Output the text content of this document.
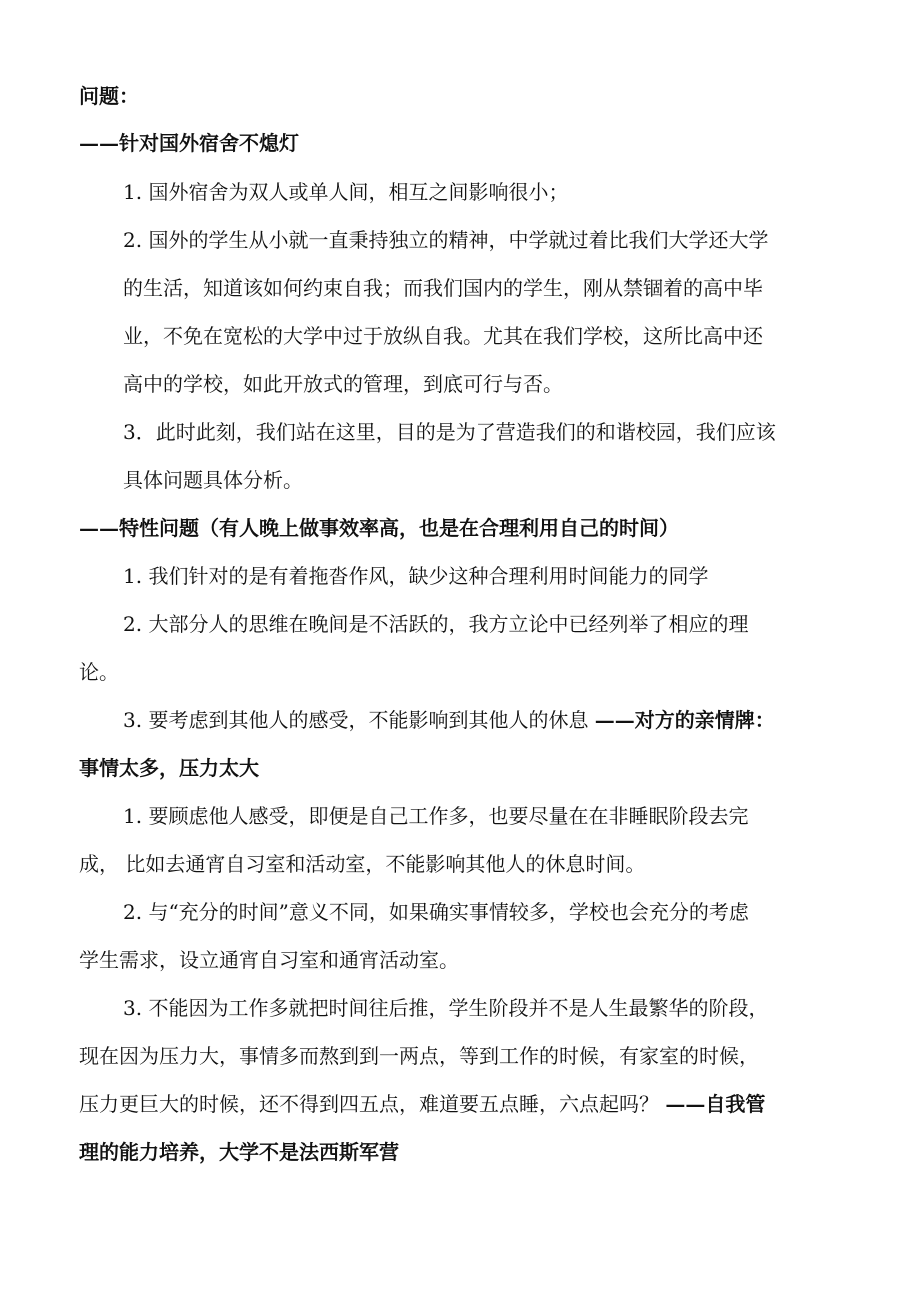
问题：
——针对国外宿舍不熄灯
1. 国外宿舍为双人或单人间，相互之间影响很小；
2. 国外的学生从小就一直秉持独立的精神，中学就过着比我们大学还大学
的生活，知道该如何约束自我；而我们国内的学生，刚从禁锢着的高中毕
业，不免在宽松的大学中过于放纵自我。尤其在我们学校，这所比高中还
高中的学校，如此开放式的管理，到底可行与否。
3．此时此刻，我们站在这里，目的是为了营造我们的和谐校园，我们应该
具体问题具体分析。
——特性问题（有人晚上做事效率高，也是在合理利用自己的时间）
1. 我们针对的是有着拖沓作风，缺少这种合理利用时间能力的同学
2. 大部分人的思维在晚间是不活跃的，我方立论中已经列举了相应的理
论。
3. 要考虑到其他人的感受，不能影响到其他人的休息 ——对方的亲情牌：
事情太多，压力太大
1. 要顾虑他人感受，即便是自己工作多，也要尽量在在非睡眠阶段去完
成， 比如去通宵自习室和活动室，不能影响其他人的休息时间。
2. 与“充分的时间”意义不同，如果确实事情较多，学校也会充分的考虑
学生需求，设立通宵自习室和通宵活动室。
3. 不能因为工作多就把时间往后推，学生阶段并不是人生最繁华的阶段，
现在因为压力大，事情多而熬到到一两点，等到工作的时候，有家室的时候，
压力更巨大的时候，还不得到四五点，难道要五点睡，六点起吗？ ——自我管
理的能力培养，大学不是法西斯军营
